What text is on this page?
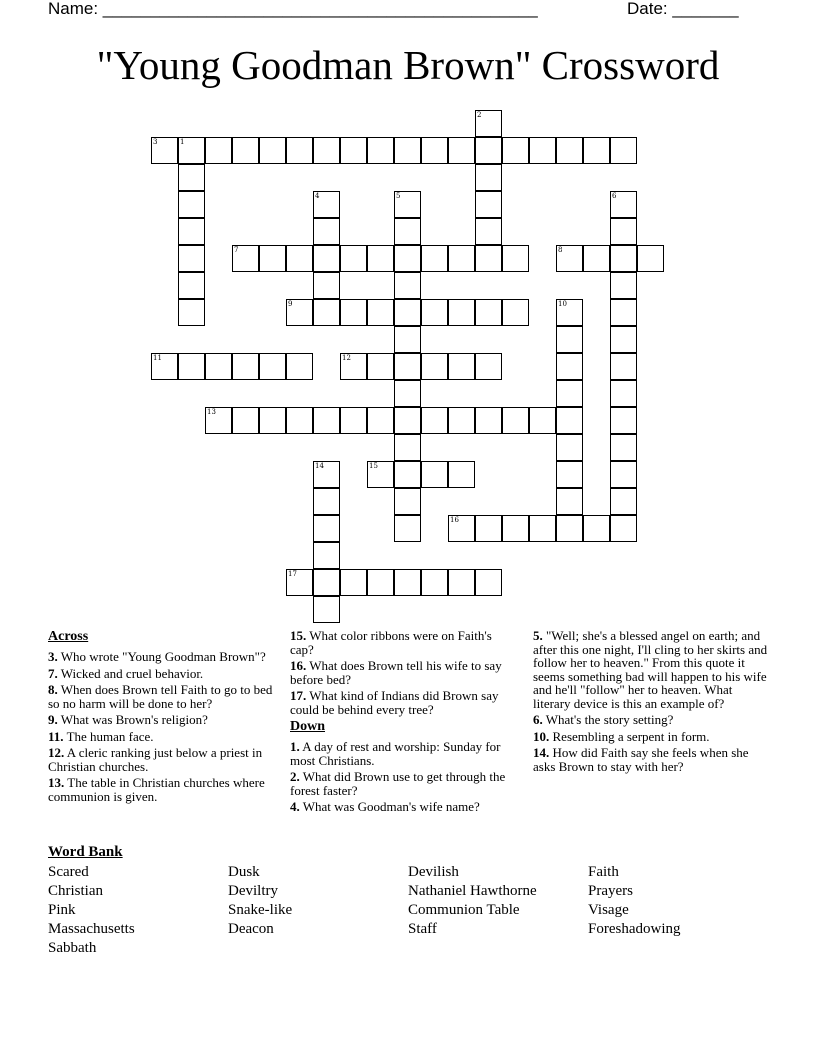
Name: ______________________________________________	Date: _______
"Young Goodman Brown" Crossword
1
2
3
4	5	6
7	8
9	10
11	12
13
14	15
16
17
Across
3. Who wrote "Young Goodman Brown"?
7. Wicked and cruel behavior.
8. When does Brown tell Faith to go to bed so no harm will be done to her?
9. What was Brown's religion?
11. The human face.
12. A cleric ranking just below a priest in Christian churches.
13. The table in Christian churches where communion is given.
15. What color ribbons were on Faith's cap?
16. What does Brown tell his wife to say before bed?
17. What kind of Indians did Brown say could be behind every tree?
Down
1. A day of rest and worship: Sunday for most Christians.
2. What did Brown use to get through the forest faster?
4. What was Goodman's wife name?
5. "Well; she's a blessed angel on earth; and after this one night, I'll cling to her skirts and follow her to heaven." From this quote it seems something bad will happen to his wife and he'll "follow" her to heaven. What literary device is this an example of?
6. What's the story setting?
10. Resembling a serpent in form.
14. How did Faith say she feels when she asks Brown to stay with her?
Word Bank
Scared
Christian
Pink
Massachusetts
Sabbath
Dusk
Deviltry
Snake-like
Deacon
Devilish
Nathaniel Hawthorne
Communion Table
Staff
Faith
Prayers
Visage
Foreshadowing
